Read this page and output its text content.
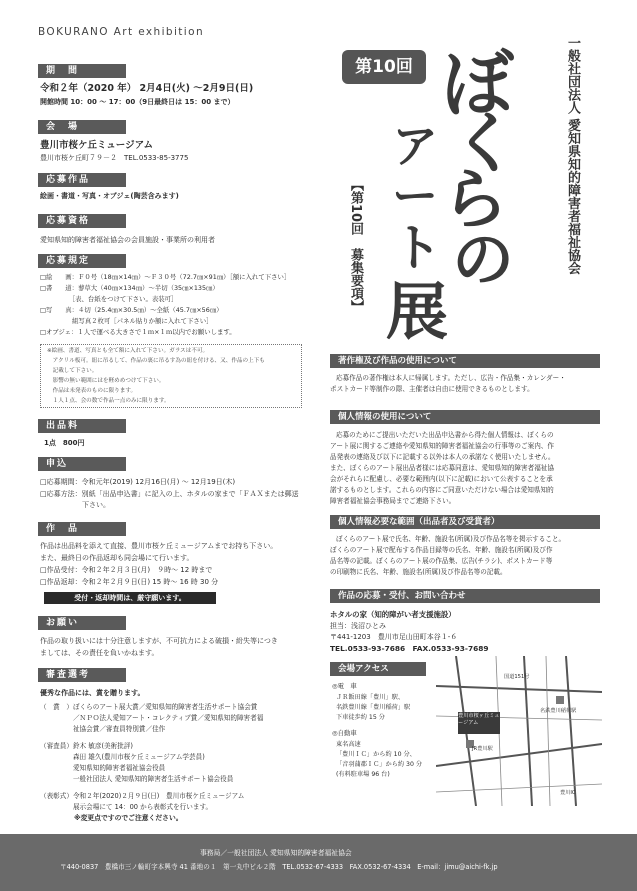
BOKURANO Art exhibition
期　間
令和２年（2020 年） 2月4日(火) 〜2月9日(日)
開館時間 10：00 〜 17：00（9日最終日は 15：00 まで）
会　場
豊川市桜ケ丘ミュージアム
豊川市桜ケ丘町７９－２　TEL.0533-85-3775
応募作品
絵画・書道・写真・オブジェ(陶芸含みます)
応募資格
愛知県知的障害者福祉協会の会員施設・事業所の利用者
応募規定
□絵　　画：Ｆ０号（18㎝×14㎝）〜Ｆ３０号（72.7㎝×91㎝）［額に入れて下さい］
□書　　道：蓼草大（40㎝×134㎝）〜半切（35㎝×135㎝）
　　　　　［表、台紙をつけて下さい。表装可］
□写　　真：４切（25.4㎝×30.5㎝）〜全紙（45.7㎝×56㎝）
　　　　　組写真２枚可［パネル貼りか額に入れて下さい］
□オブジェ：１人で運べる大きさで１ｍ×１ｍ以内でお願いします。
※絵画、書道、写真とも全て額に入れて下さい。ガラスは不可。
　アクリル板可。紐に吊るして、作品の裏に吊るす為の紐を付ける、又、作品の上下も
　記載して下さい。
　影響の無い範囲にはを軽めめつけて下さい。
　作品は未発表のものに限ります。
　１人１点、会の数で作品一点のみに限ります。
出品料
1点　800円
申込
□応募期間：令和元年(2019) 12月16日(月) 〜 12月19日(木)
□応募方法：別紙「出品申込書」に記入の上、ホタルの家まで「ＦＡＸまたは郵送
　　　　　　下さい。
作　品
作品は出品料を添えて直接、豊川市桜ケ丘ミュージアムまでお持ち下さい。
また、最終日の作品返却も同会場にて行います。
□作品受付：令和２年２月３日(月)　９時〜 12 時まで
□作品返却：令和２年２月９日(日) 15 時〜 16 時 30 分
受付・返却時間は、厳守願います。
お願い
作品の取り扱いには十分注意しますが、不可抗力による破損・紛失等につき
ましては、その責任を負いかねます。
審査選考
優秀な作品には、賞を贈ります。
（　賞　）ぼくらのアート展大賞／愛知県知的障害者生活サポート協会賞
　　　　　／ＮＰＯ法人愛知アート・コレクティブ賞／愛知県知的障害者福
　　　　　祉協会賞／審査員特別賞／佳作
（審査員）鈴木 敏彦(美術批評)
　　　　　森田 雄久(豊川市桜ケ丘ミュージアム学芸員)
　　　　　愛知県知的障害者福祉協会役員
　　　　　一般社団法人 愛知県知的障害者生活サポート協会役員
（表彰式）令和２年(2020)２月９日(日)　豊川市桜ケ丘ミュージアム
　　　　　展示会場にて 14：00 から表彰式を行います。
　　　　　※変更点ですのでご注意ください。
第10回 ぼ
く
ら
の
ア
ー
ト
展
一般社団法人 愛知県知的障害者福祉協会
【第10回　募集要項】
著作権及び作品の使用について
応募作品の著作権は本人に帰属します。ただし、広告・作品集・カレンダー・
ポストカード等制作の際、主催者は自由に使用できるものとします。
個人情報の使用について
応募のためにご提出いただいた出品申込書から得た個人情報は、ぼくらの
アート展に関するご連絡や愛知県知的障害者福祉協会の行事等のご案内、作
品発表の連絡及び以下に記載する以外は本人の承諾なく使用いたしません。
また、ぼくらのアート展出品者様には応募同意は、愛知県知的障害者福祉協
会がそれらに配慮し、必要な範囲内(以下に記載)において公表することを承
諾するものとします。これらの内容にご同意いただけない場合は愛知県知的
障害者福祉協会事務局までご連絡下さい。
個人情報必要な範囲（出品者及び受賞者）
ぼくらのアート展で氏名、年齢、施設名(所属)及び作品名等を掲示すること。
ぼくらのアート展で配布する作品目録等の氏名、年齢、施設名(所属)及び作
品名等の記載。ぼくらのアート展の作品集、広告(チラシ)、ポストカード等
の印刷物に氏名、年齢、施設名(所属)及び作品名等の記載。
作品の応募・受付、お問い合わせ
ホタルの家（知的障がい者支援施設）
担当：浅沼ひとみ
〒441-1203　豊川市足山田町本谷１-６
TEL.0533-93-7686　FAX.0533-93-7689
会場アクセス
◎電　車
ＪＲ飯田線「豊川」駅、
名鉄豊川線「豊川稲荷」駅
下車徒歩約 15 分
◎自動車
東名高速
「豊川ＩＣ」から約 10 分、
「音羽蒲郡ＩＣ」から約 30 分
(有料駐車場 96 台)
豊川市桜ヶ丘ミュージアム
JR豊川駅
名鉄豊川稲荷駅
国道151号
豊川IC
事務局／一般社団法人 愛知県知的障害者福祉協会
〒440-0837　豊橋市三ノ輪町字本興寺 41 番地の１　第一丸中ビル２階　TEL.0532-67-4333　FAX.0532-67-4334　E-mail：jimu@aichi-fk.jp
